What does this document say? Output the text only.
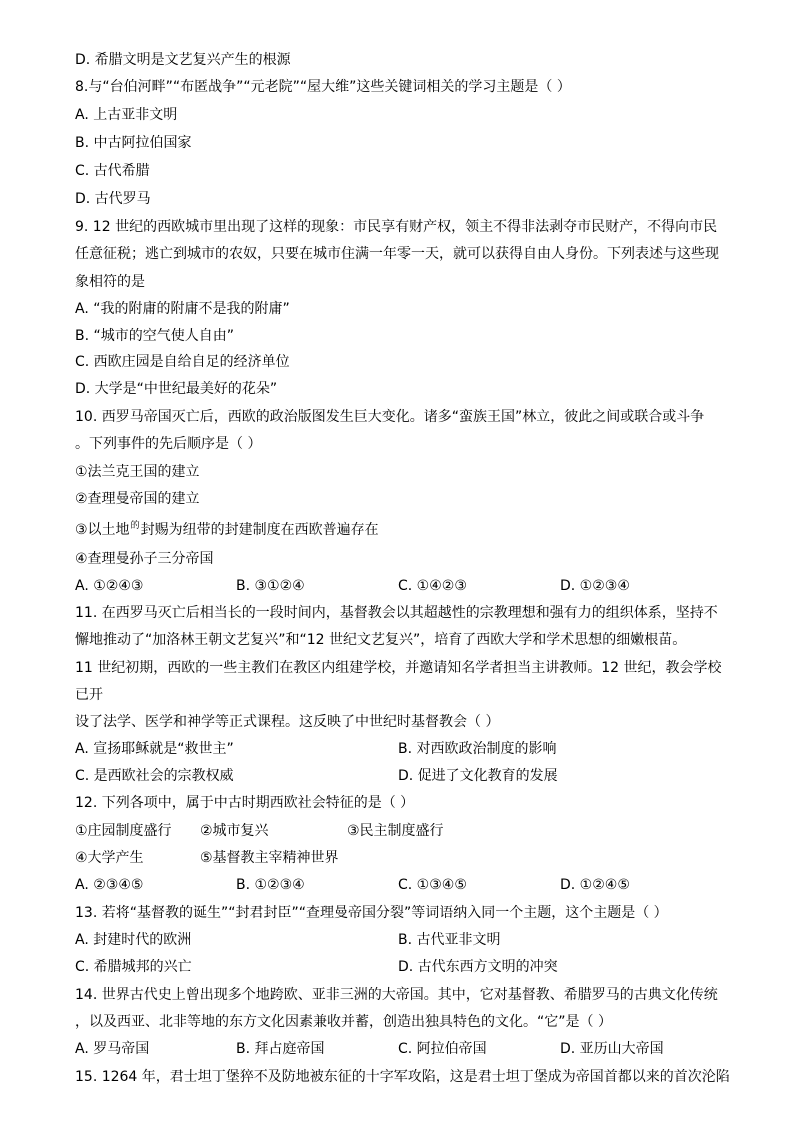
D. 希腊文明是文艺复兴产生的根源
8.与“台伯河畔”“布匿战争”“元老院”“屋大维”这些关键词相关的学习主题是（ ）
A. 上古亚非文明
B. 中古阿拉伯国家
C. 古代希腊
D. 古代罗马
9. 12 世纪的西欧城市里出现了这样的现象：市民享有财产权，领主不得非法剥夺市民财产，不得向市民
任意征税；逃亡到城市的农奴，只要在城市住满一年零一天，就可以获得自由人身份。下列表述与这些现
象相符的是
A. “我的附庸的附庸不是我的附庸”
B. “城市的空气使人自由”
C. 西欧庄园是自给自足的经济单位
D. 大学是“中世纪最美好的花朵”
10. 西罗马帝国灭亡后，西欧的政治版图发生巨大变化。诸多“蛮族王国”林立，彼此之间或联合或斗争
。下列事件的先后顺序是（ ）
①法兰克王国的建立
②查理曼帝国的建立
③以土地$^的$封赐为纽带的封建制度在西欧普遍存在
④查理曼孙子三分帝国
A. ①②④③	B. ③①②④	C. ①④②③	D. ①②③④
11. 在西罗马灭亡后相当长的一段时间内，基督教会以其超越性的宗教理想和强有力的组织体系，坚持不
懈地推动了“加洛林王朝文艺复兴”和“12 世纪文艺复兴”，培育了西欧大学和学术思想的细嫩根苗。
11 世纪初期，西欧的一些主教们在教区内组建学校，并邀请知名学者担当主讲教师。12 世纪，教会学校
已开
设了法学、医学和神学等正式课程。这反映了中世纪时基督教会（ ）
A. 宣扬耶稣就是“救世主”	B. 对西欧政治制度的影响
C. 是西欧社会的宗教权威	D. 促进了文化教育的发展
12. 下列各项中，属于中古时期西欧社会特征的是（ ）
①庄园制度盛行 ②城市复兴	③民主制度盛行
④大学产生	⑤基督教主宰精神世界
A. ②③④⑤	B. ①②③④	C. ①③④⑤	D. ①②④⑤
13. 若将“基督教的诞生”“封君封臣”“查理曼帝国分裂”等词语纳入同一个主题，这个主题是（ ）
A. 封建时代的欧洲	B. 古代亚非文明
C. 希腊城邦的兴亡	D. 古代东西方文明的冲突
14. 世界古代史上曾出现多个地跨欧、亚非三洲的大帝国。其中，它对基督教、希腊罗马的古典文化传统
，以及西亚、北非等地的东方文化因素兼收并蓄，创造出独具特色的文化。“它”是（ ）
A. 罗马帝国	B. 拜占庭帝国	C. 阿拉伯帝国	D. 亚历山大帝国
15. 1264 年，君士坦丁堡猝不及防地被东征的十字军攻陷，这是君士坦丁堡成为帝国首都以来的首次沦陷
